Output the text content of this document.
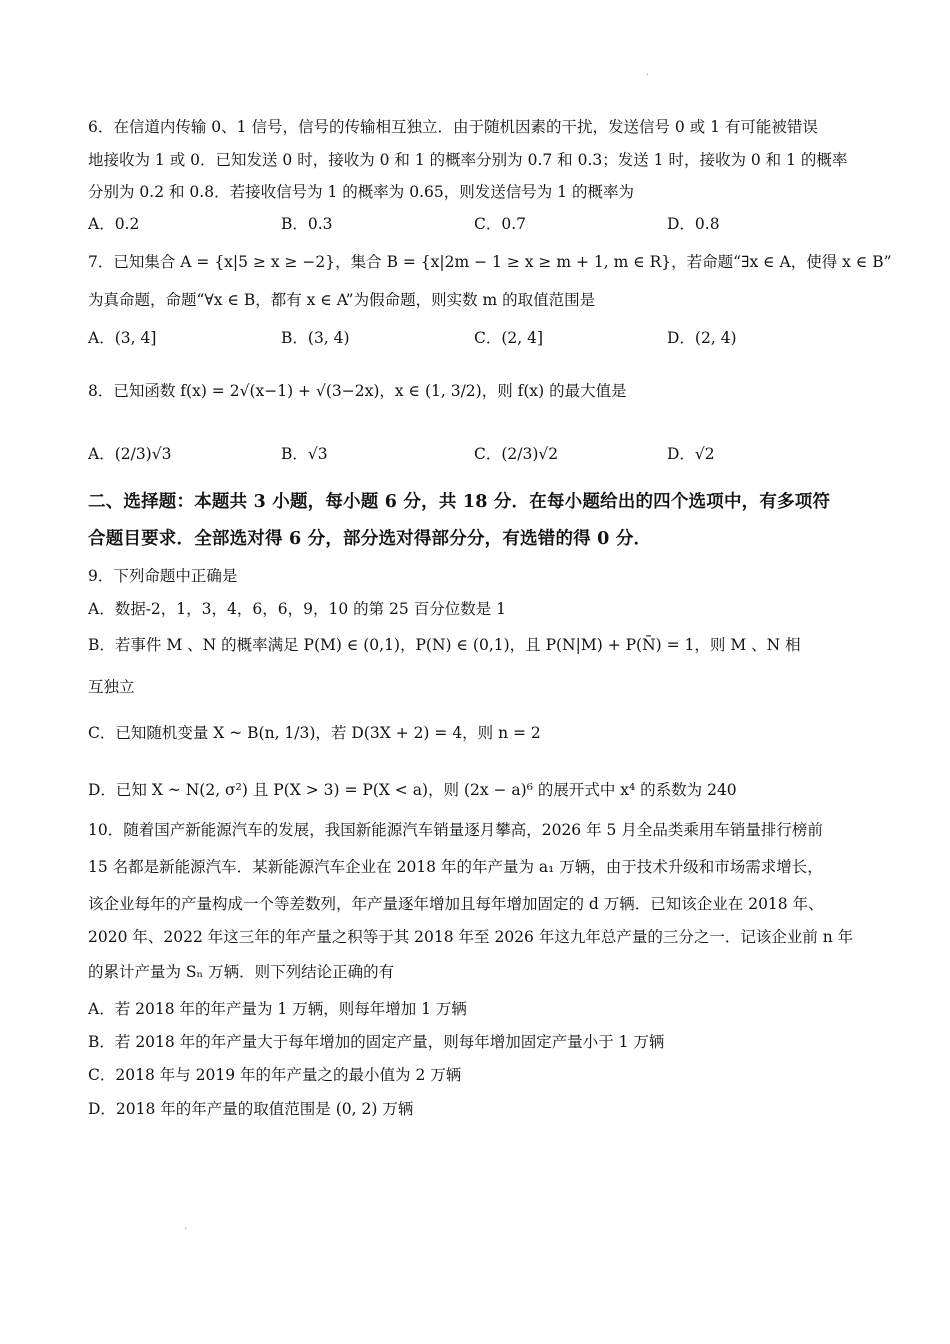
·
6．在信道内传输 0、1 信号，信号的传输相互独立．由于随机因素的干扰，发送信号 0 或 1 有可能被错误
地接收为 1 或 0．已知发送 0 时，接收为 0 和 1 的概率分别为 0.7 和 0.3；发送 1 时，接收为 0 和 1 的概率
分别为 0.2 和 0.8．若接收信号为 1 的概率为 0.65，则发送信号为 1 的概率为
A．0.2	B．0.3	C．0.7	D．0.8
7．已知集合 A = {x|5 ≥ x ≥ −2}，集合 B = {x|2m − 1 ≥ x ≥ m + 1, m ∈ R}，若命题“∃x ∈ A，使得 x ∈ B”
为真命题，命题“∀x ∈ B，都有 x ∈ A”为假命题，则实数 m 的取值范围是
A．(3, 4]	B．(3, 4)	C．(2, 4]	D．(2, 4)
8．已知函数 f(x) = 2√(x−1) + √(3−2x)，x ∈ (1, 3/2)，则 f(x) 的最大值是
A．(2/3)√3	B．√3	C．(2/3)√2	D．√2
二、选择题：本题共 3 小题，每小题 6 分，共 18 分．在每小题给出的四个选项中，有多项符
合题目要求．全部选对得 6 分，部分选对得部分分，有选错的得 0 分．
9．下列命题中正确是
A．数据-2，1，3，4，6，6，9，10 的第 25 百分位数是 1
B．若事件 M 、N 的概率满足 P(M) ∈ (0,1)，P(N) ∈ (0,1)，且 P(N|M) + P(N̄) = 1，则 M 、N 相
互独立
C．已知随机变量 X ~ B(n, 1/3)，若 D(3X + 2) = 4，则 n = 2
D．已知 X ~ N(2, σ²) 且 P(X > 3) = P(X < a)，则 (2x − a)⁶ 的展开式中 x⁴ 的系数为 240
10．随着国产新能源汽车的发展，我国新能源汽车销量逐月攀高，2026 年 5 月全品类乘用车销量排行榜前
15 名都是新能源汽车．某新能源汽车企业在 2018 年的年产量为 a₁ 万辆，由于技术升级和市场需求增长，
该企业每年的产量构成一个等差数列，年产量逐年增加且每年增加固定的 d 万辆．已知该企业在 2018 年、
2020 年、2022 年这三年的年产量之积等于其 2018 年至 2026 年这九年总产量的三分之一．记该企业前 n 年
的累计产量为 Sₙ 万辆．则下列结论正确的有
A．若 2018 年的年产量为 1 万辆，则每年增加 1 万辆
B．若 2018 年的年产量大于每年增加的固定产量，则每年增加固定产量小于 1 万辆
C．2018 年与 2019 年的年产量之的最小值为 2 万辆
D．2018 年的年产量的取值范围是 (0, 2) 万辆
·
